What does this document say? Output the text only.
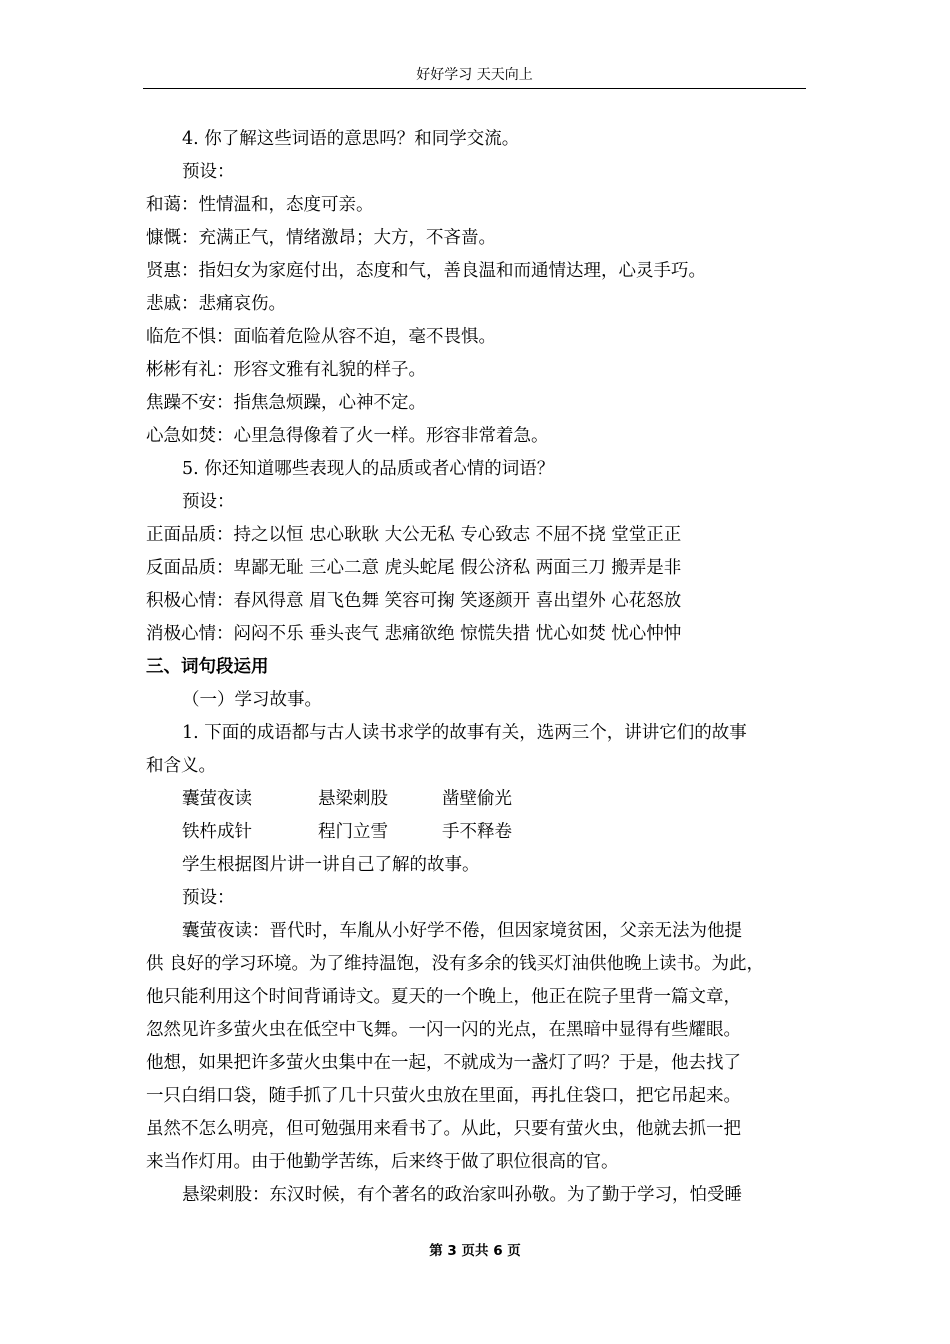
好好学习 天天向上
4. 你了解这些词语的意思吗？和同学交流。
预设：
和蔼：性情温和，态度可亲。
慷慨：充满正气，情绪激昂；大方，不吝啬。
贤惠：指妇女为家庭付出，态度和气，善良温和而通情达理，心灵手巧。
悲戚：悲痛哀伤。
临危不惧：面临着危险从容不迫，毫不畏惧。
彬彬有礼：形容文雅有礼貌的样子。
焦躁不安：指焦急烦躁，心神不定。
心急如焚：心里急得像着了火一样。形容非常着急。
5. 你还知道哪些表现人的品质或者心情的词语？
预设：
正面品质：持之以恒 忠心耿耿 大公无私 专心致志 不屈不挠 堂堂正正
反面品质：卑鄙无耻 三心二意 虎头蛇尾 假公济私 两面三刀 搬弄是非
积极心情：春风得意 眉飞色舞 笑容可掬 笑逐颜开 喜出望外 心花怒放
消极心情：闷闷不乐 垂头丧气 悲痛欲绝 惊慌失措 忧心如焚 忧心忡忡
三、词句段运用
（一）学习故事。
1. 下面的成语都与古人读书求学的故事有关，选两三个，讲讲它们的故事
和含义。
囊萤夜读	悬梁刺股	凿壁偷光
铁杵成针	程门立雪	手不释卷
学生根据图片讲一讲自己了解的故事。
预设：
囊萤夜读：晋代时，车胤从小好学不倦，但因家境贫困，父亲无法为他提
供 良好的学习环境。为了维持温饱，没有多余的钱买灯油供他晚上读书。为此，
他只能利用这个时间背诵诗文。夏天的一个晚上，他正在院子里背一篇文章，
忽然见许多萤火虫在低空中飞舞。一闪一闪的光点，在黑暗中显得有些耀眼。
他想，如果把许多萤火虫集中在一起，不就成为一盏灯了吗？于是，他去找了
一只白绢口袋，随手抓了几十只萤火虫放在里面，再扎住袋口，把它吊起来。
虽然不怎么明亮，但可勉强用来看书了。从此，只要有萤火虫，他就去抓一把
来当作灯用。由于他勤学苦练，后来终于做了职位很高的官。
悬梁刺股：东汉时候，有个著名的政治家叫孙敬。为了勤于学习，怕受睡
第 3 页共 6 页
